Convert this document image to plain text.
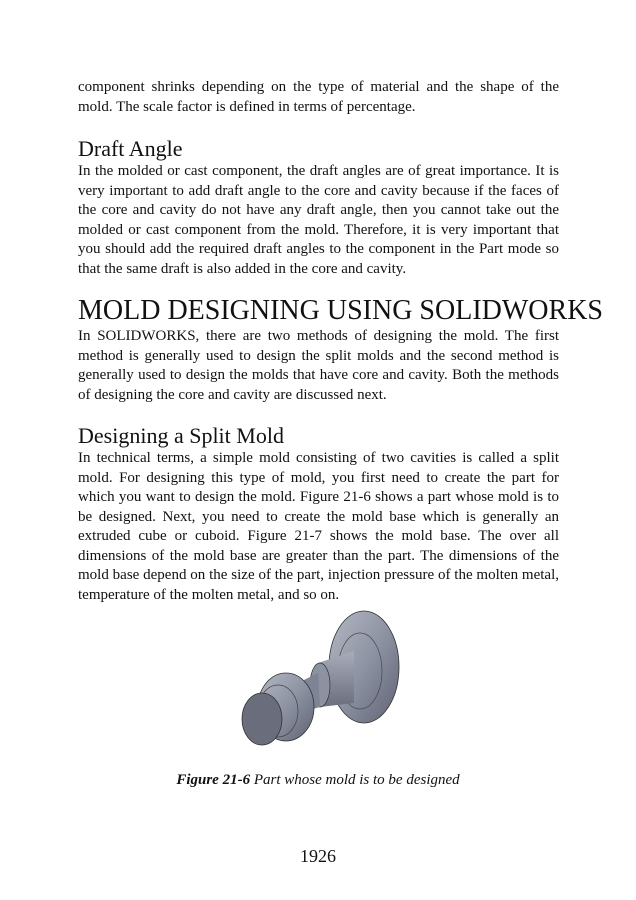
component shrinks depending on the type of material and the shape of the mold. The scale factor is defined in terms of percentage.

Draft Angle

In the molded or cast component, the draft angles are of great importance. It is very important to add draft angle to the core and cavity because if the faces of the core and cavity do not have any draft angle, then you cannot take out the molded or cast component from the mold. Therefore, it is very important that you should add the required draft angles to the component in the Part mode so that the same draft is also added in the core and cavity.

MOLD DESIGNING USING SOLIDWORKS

In SOLIDWORKS, there are two methods of designing the mold. The first method is generally used to design the split molds and the second method is generally used to design the molds that have core and cavity. Both the methods of designing the core and cavity are discussed next.

Designing a Split Mold

In technical terms, a simple mold consisting of two cavities is called a split mold. For designing this type of mold, you first need to create the part for which you want to design the mold. Figure 21-6 shows a part whose mold is to be designed. Next, you need to create the mold base which is generally an extruded cube or cuboid. Figure 21-7 shows the mold base. The over all dimensions of the mold base are greater than the part. The dimensions of the mold base depend on the size of the part, injection pressure of the molten metal, temperature of the molten metal, and so on.

Figure 21-6 Part whose mold is to be designed
1926
